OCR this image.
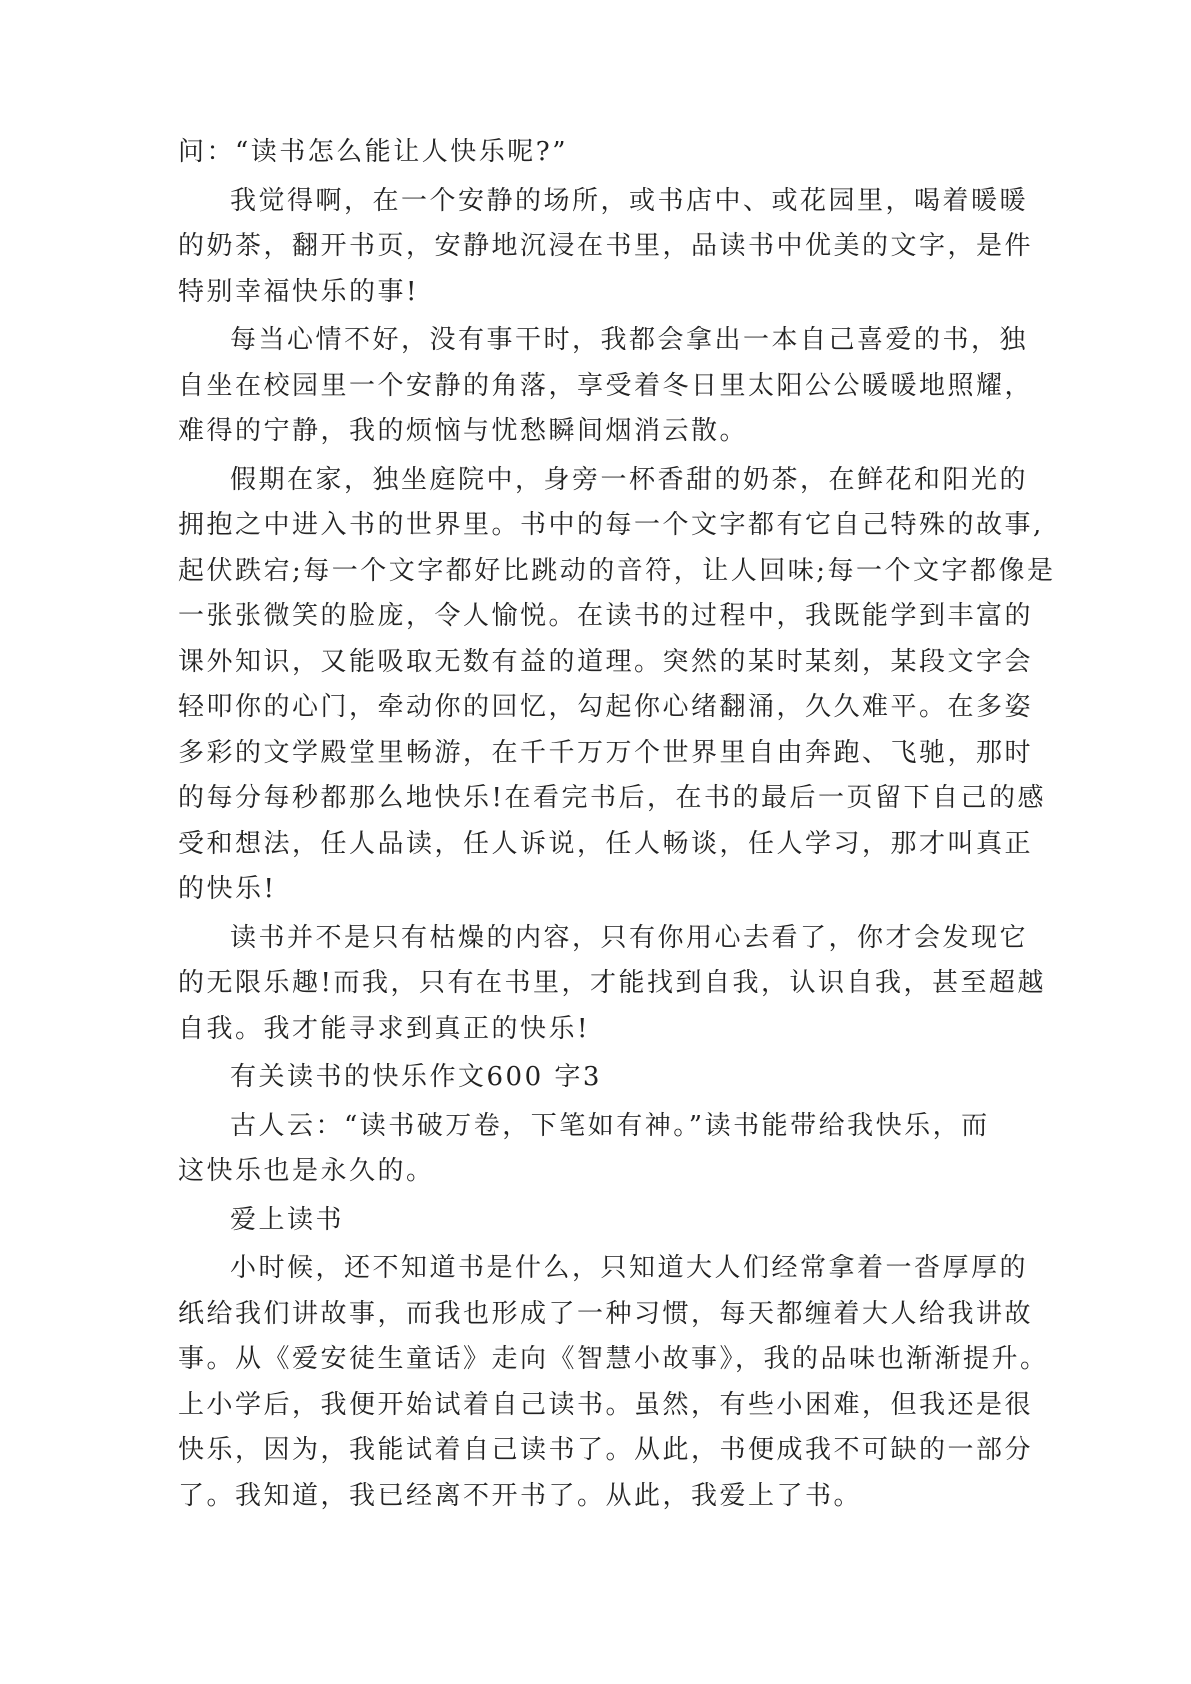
问：“读书怎么能让人快乐呢?”
我觉得啊，在一个安静的场所，或书店中、或花园里，喝着暖暖
的奶茶，翻开书页，安静地沉浸在书里，品读书中优美的文字，是件
特别幸福快乐的事!
每当心情不好，没有事干时，我都会拿出一本自己喜爱的书，独
自坐在校园里一个安静的角落，享受着冬日里太阳公公暖暖地照耀，
难得的宁静，我的烦恼与忧愁瞬间烟消云散。
假期在家，独坐庭院中，身旁一杯香甜的奶茶，在鲜花和阳光的
拥抱之中进入书的世界里。书中的每一个文字都有它自己特殊的故事,
起伏跌宕;每一个文字都好比跳动的音符，让人回味;每一个文字都像是
一张张微笑的脸庞，令人愉悦。在读书的过程中，我既能学到丰富的
课外知识，又能吸取无数有益的道理。突然的某时某刻，某段文字会
轻叩你的心门，牵动你的回忆，勾起你心绪翻涌，久久难平。在多姿
多彩的文学殿堂里畅游，在千千万万个世界里自由奔跑、飞驰，那时
的每分每秒都那么地快乐!在看完书后，在书的最后一页留下自己的感
受和想法，任人品读，任人诉说，任人畅谈，任人学习，那才叫真正
的快乐!
读书并不是只有枯燥的内容，只有你用心去看了，你才会发现它
的无限乐趣!而我，只有在书里，才能找到自我，认识自我，甚至超越
自我。我才能寻求到真正的快乐!
有关读书的快乐作文600 字3
古人云：“读书破万卷，下笔如有神。”读书能带给我快乐，而
这快乐也是永久的。
爱上读书
小时候，还不知道书是什么，只知道大人们经常拿着一沓厚厚的
纸给我们讲故事，而我也形成了一种习惯，每天都缠着大人给我讲故
事。从《爱安徒生童话》走向《智慧小故事》，我的品味也渐渐提升。
上小学后，我便开始试着自己读书。虽然，有些小困难，但我还是很
快乐，因为，我能试着自己读书了。从此，书便成我不可缺的一部分
了。我知道，我已经离不开书了。从此，我爱上了书。
